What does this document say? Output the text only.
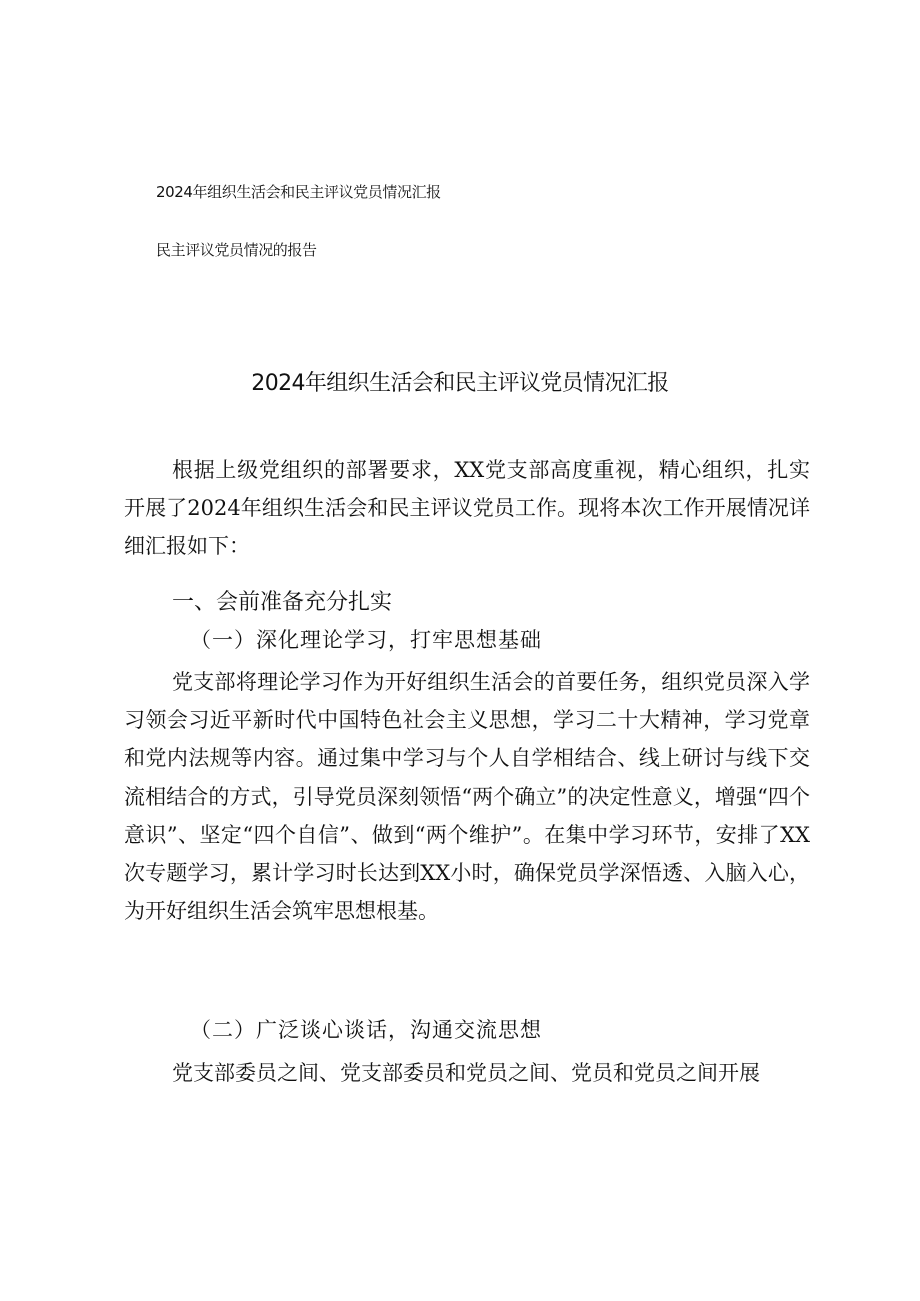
2024年组织生活会和民主评议党员情况汇报
民主评议党员情况的报告
2024年组织生活会和民主评议党员情况汇报

根据上级党组织的部署要求，XX党支部高度重视，精心组织，扎实开展了2024年组织生活会和民主评议党员工作。现将本次工作开展情况详细汇报如下：

一、会前准备充分扎实
（一）深化理论学习，打牢思想基础

党支部将理论学习作为开好组织生活会的首要任务，组织党员深入学习领会习近平新时代中国特色社会主义思想，学习二十大精神，学习党章和党内法规等内容。通过集中学习与个人自学相结合、线上研讨与线下交流相结合的方式，引导党员深刻领悟“两个确立”的决定性意义，增强“四个意识”、坚定“四个自信”、做到“两个维护”。在集中学习环节，安排了XX次专题学习，累计学习时长达到XX小时，确保党员学深悟透、入脑入心，为开好组织生活会筑牢思想根基。

（二）广泛谈心谈话，沟通交流思想

党支部委员之间、党支部委员和党员之间、党员和党员之间开展
